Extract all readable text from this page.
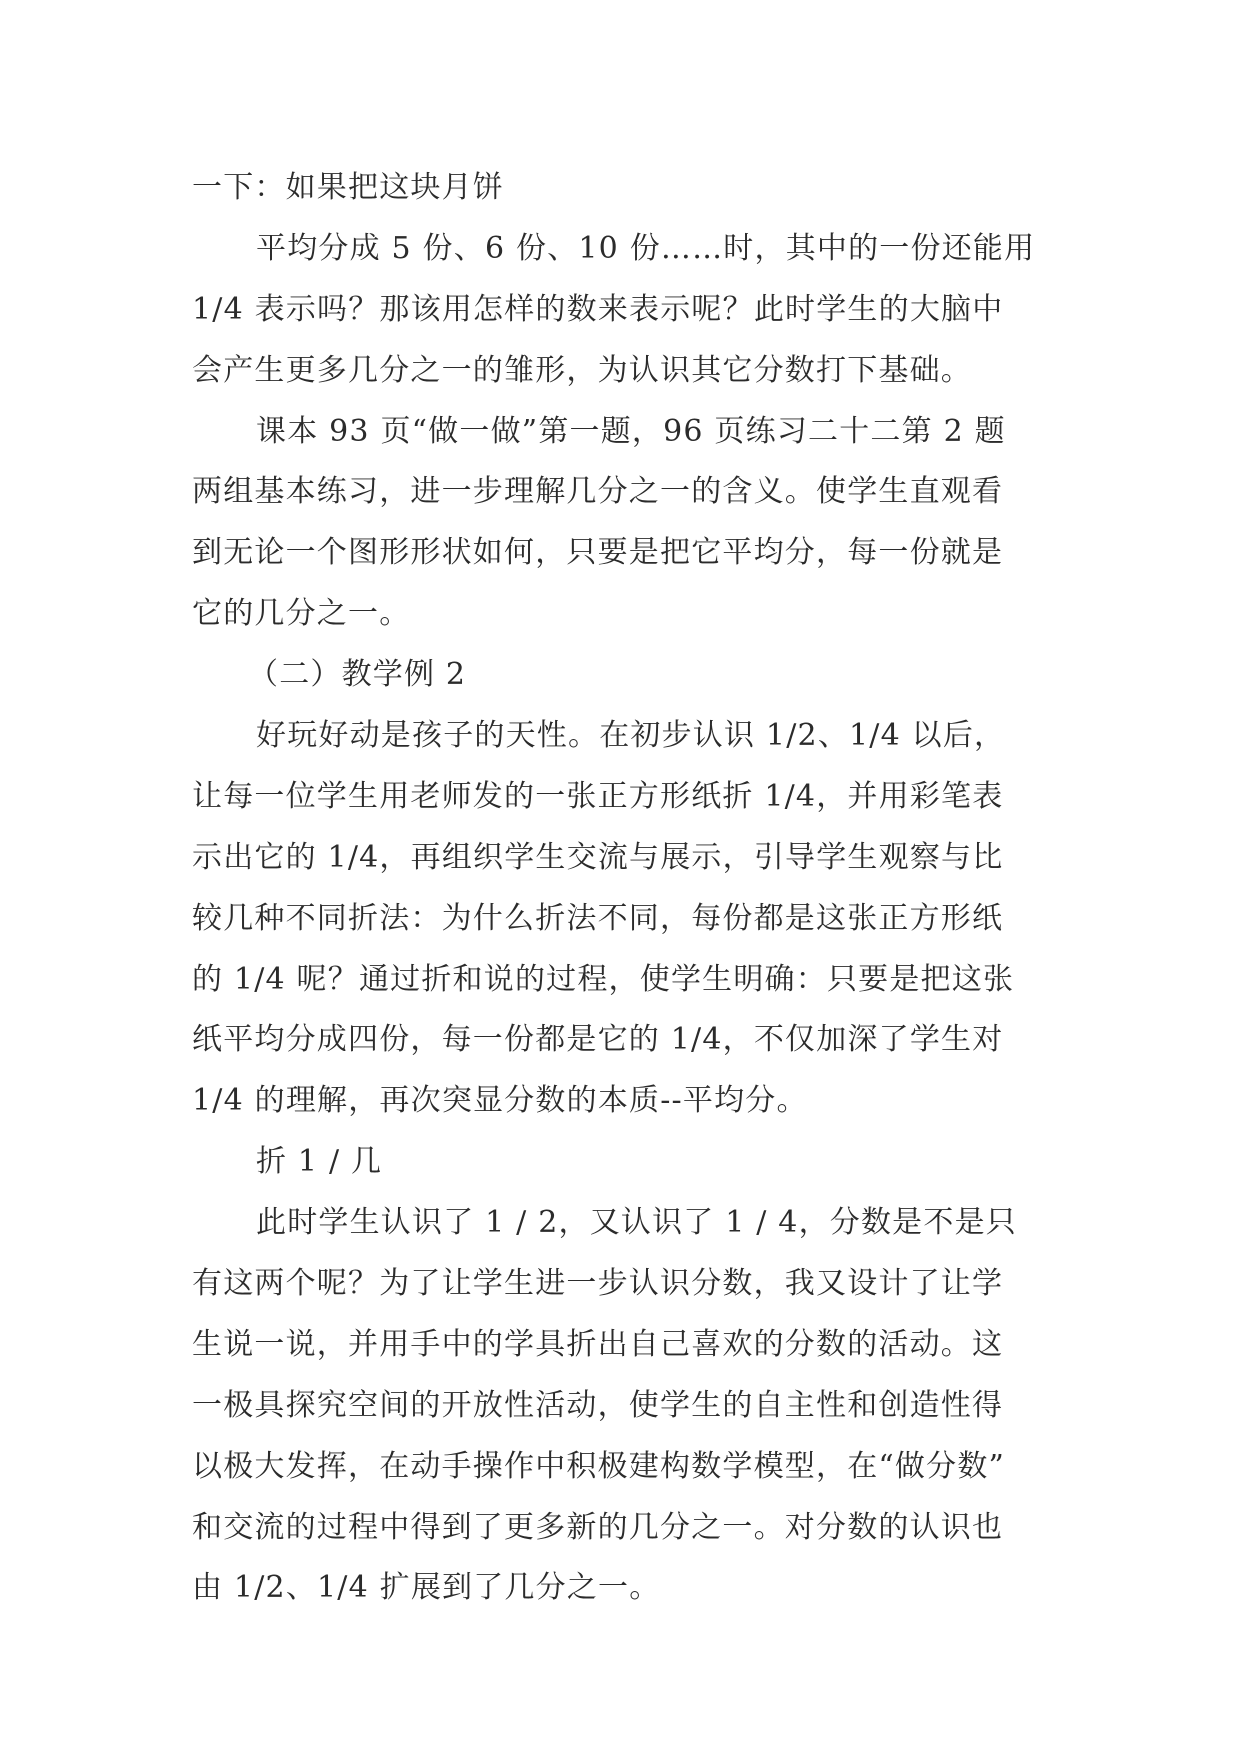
一下：如果把这块月饼
平均分成 5 份、6 份、10 份……时，其中的一份还能用
1/4 表示吗？那该用怎样的数来表示呢？此时学生的大脑中
会产生更多几分之一的雏形，为认识其它分数打下基础。
课本 93 页“做一做”第一题，96 页练习二十二第 2 题
两组基本练习，进一步理解几分之一的含义。使学生直观看
到无论一个图形形状如何，只要是把它平均分，每一份就是
它的几分之一。
（二）教学例 2
好玩好动是孩子的天性。在初步认识 1/2、1/4 以后，
让每一位学生用老师发的一张正方形纸折 1/4，并用彩笔表
示出它的 1/4，再组织学生交流与展示，引导学生观察与比
较几种不同折法：为什么折法不同，每份都是这张正方形纸
的 1/4 呢？通过折和说的过程，使学生明确：只要是把这张
纸平均分成四份，每一份都是它的 1/4，不仅加深了学生对
1/4 的理解，再次突显分数的本质--平均分。
折 1 / 几
此时学生认识了 1 / 2，又认识了 1 / 4，分数是不是只
有这两个呢？为了让学生进一步认识分数，我又设计了让学
生说一说，并用手中的学具折出自己喜欢的分数的活动。这
一极具探究空间的开放性活动，使学生的自主性和创造性得
以极大发挥，在动手操作中积极建构数学模型，在“做分数”
和交流的过程中得到了更多新的几分之一。对分数的认识也
由 1/2、1/4 扩展到了几分之一。
